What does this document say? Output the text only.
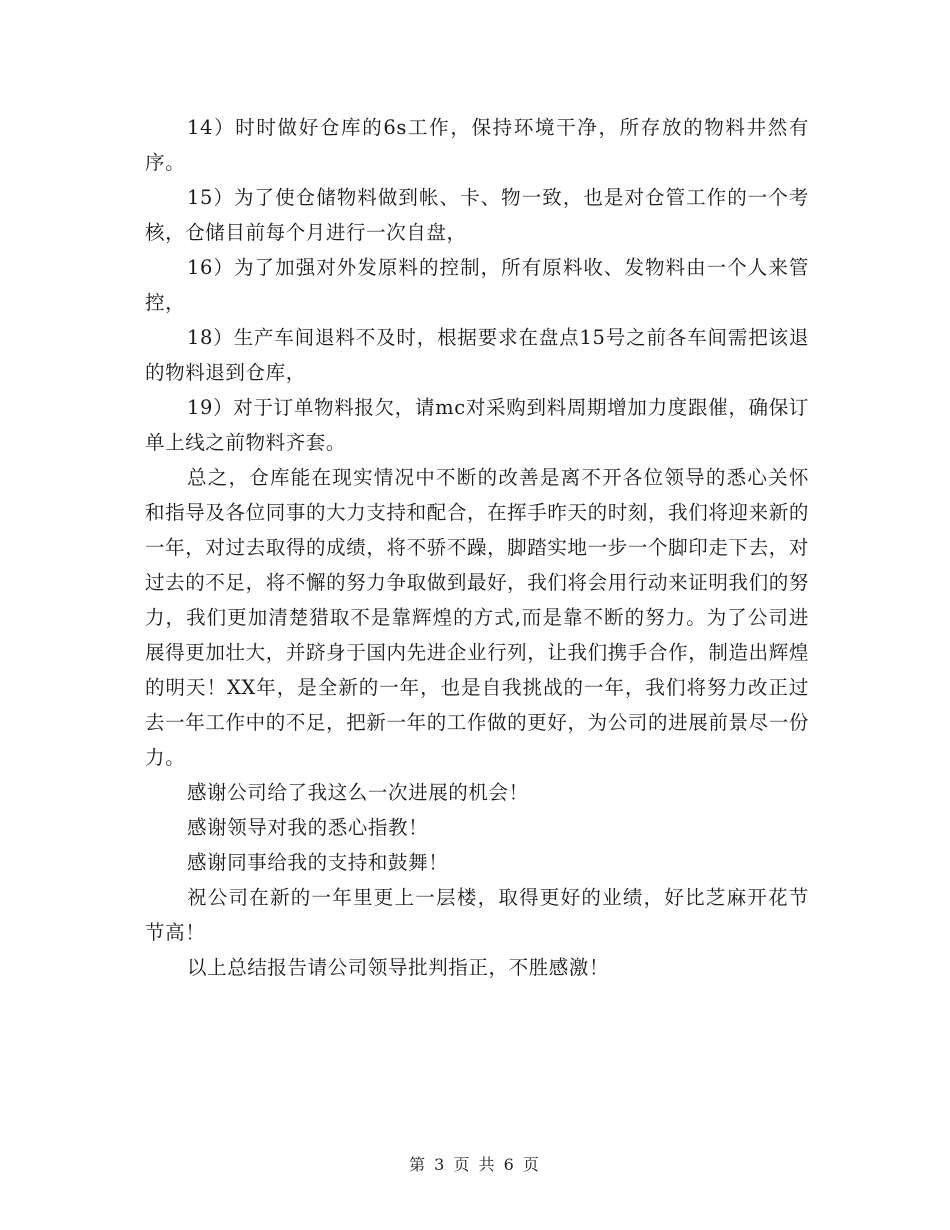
14）时时做好仓库的6s工作，保持环境干净，所存放的物料井然有序。

15）为了使仓储物料做到帐、卡、物一致，也是对仓管工作的一个考核，仓储目前每个月进行一次自盘，

16）为了加强对外发原料的控制，所有原料收、发物料由一个人来管控，

18）生产车间退料不及时，根据要求在盘点15号之前各车间需把该退的物料退到仓库，

19）对于订单物料报欠，请mc对采购到料周期增加力度跟催，确保订单上线之前物料齐套。

总之，仓库能在现实情况中不断的改善是离不开各位领导的悉心关怀和指导及各位同事的大力支持和配合，在挥手昨天的时刻，我们将迎来新的一年，对过去取得的成绩，将不骄不躁，脚踏实地一步一个脚印走下去，对过去的不足，将不懈的努力争取做到最好，我们将会用行动来证明我们的努力，我们更加清楚猎取不是靠辉煌的方式,而是靠不断的努力。为了公司进展得更加壮大，并跻身于国内先进企业行列，让我们携手合作，制造出辉煌的明天！XX年，是全新的一年，也是自我挑战的一年，我们将努力改正过去一年工作中的不足，把新一年的工作做的更好，为公司的进展前景尽一份力。

感谢公司给了我这么一次进展的机会！

感谢领导对我的悉心指教！

感谢同事给我的支持和鼓舞！

祝公司在新的一年里更上一层楼，取得更好的业绩，好比芝麻开花节节高！

以上总结报告请公司领导批判指正，不胜感激！

第 3 页 共 6 页
